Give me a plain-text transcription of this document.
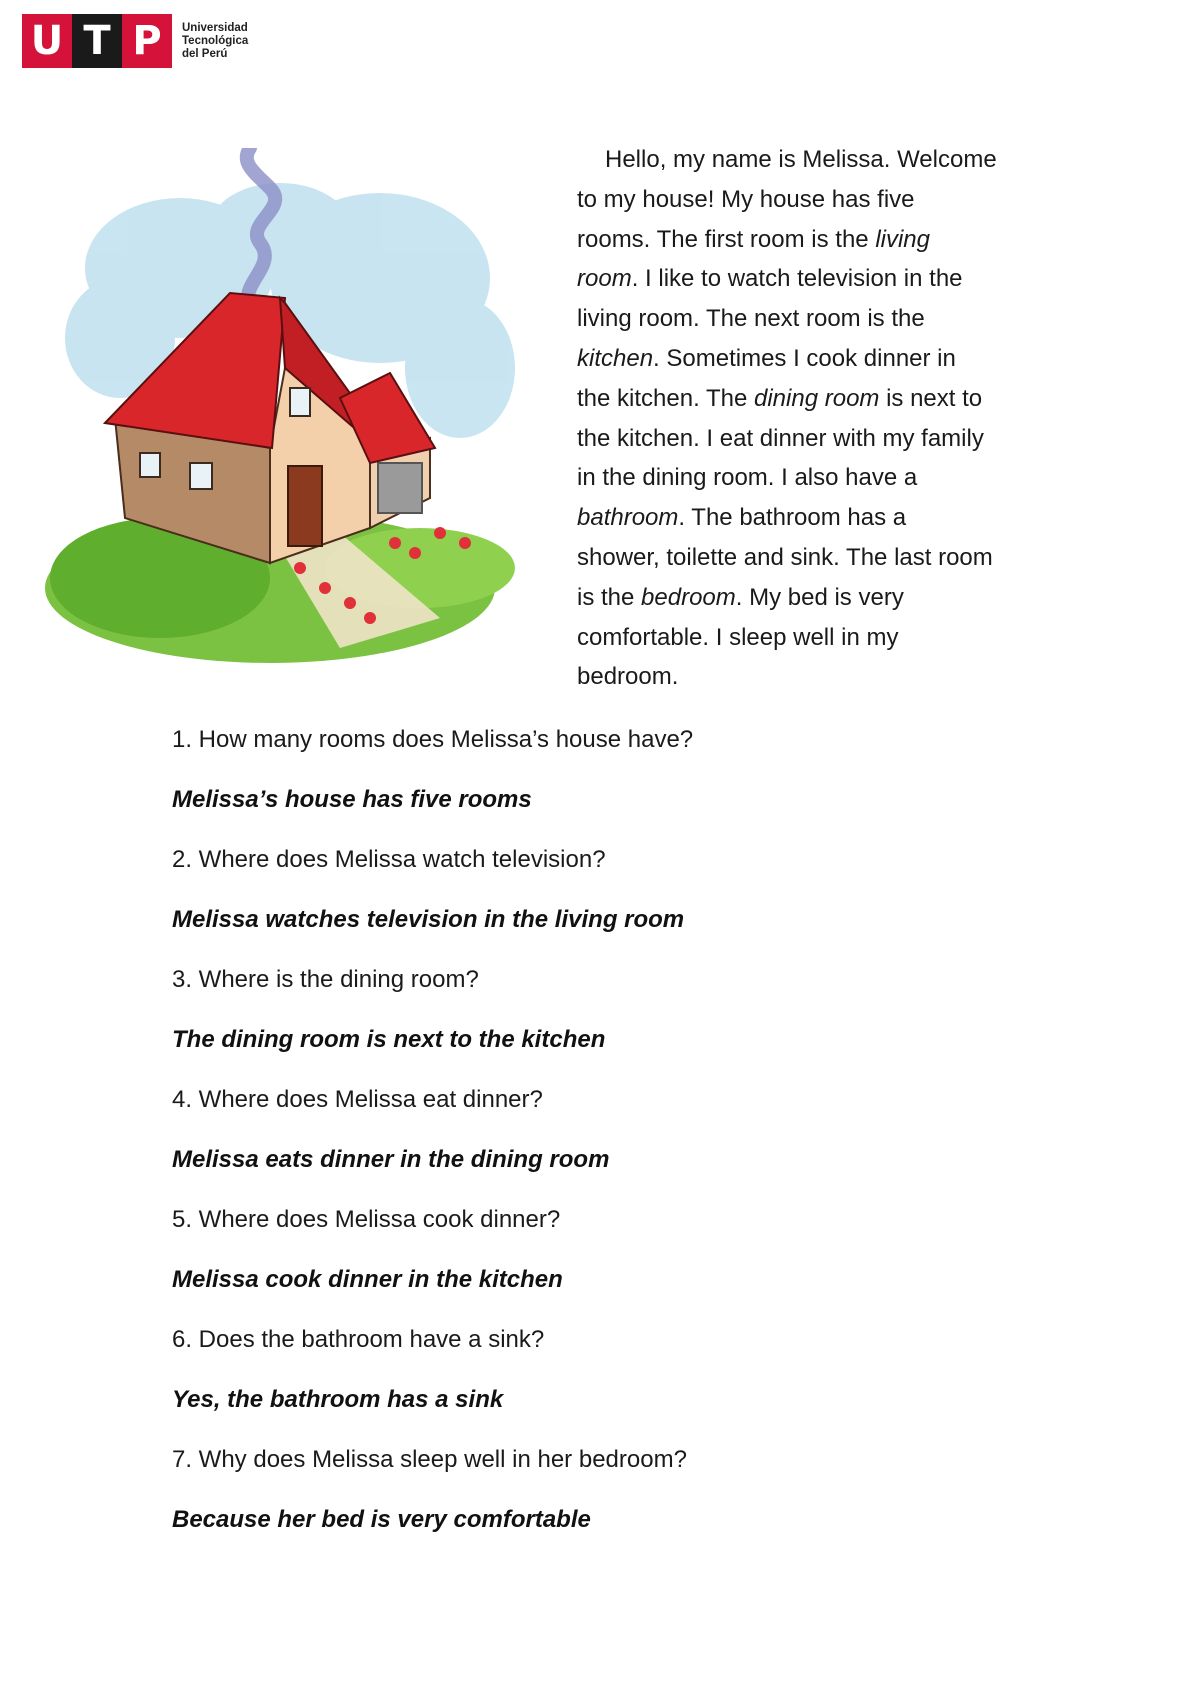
U T P	Universidad
Tecnológica
del Perú
Hello, my name is Melissa. Welcome
to my house! My house has five
rooms. The first room is the living
room. I like to watch television in the
living room. The next room is the
kitchen. Sometimes I cook dinner in
the kitchen. The dining room is next to
the kitchen. I eat dinner with my family
in the dining room. I also have a
bathroom. The bathroom has a
shower, toilette and sink. The last room
is the bedroom. My bed is very
comfortable. I sleep well in my
bedroom.
1. How many rooms does Melissa’s house have?
Melissa’s house has five rooms
2. Where does Melissa watch television?
Melissa watches television in the living room
3. Where is the dining room?
The dining room is next to the kitchen
4. Where does Melissa eat dinner?
Melissa eats dinner in the dining room
5. Where does Melissa cook dinner?
Melissa cook dinner in the kitchen
6. Does the bathroom have a sink?
Yes, the bathroom has a sink
7. Why does Melissa sleep well in her bedroom?
Because her bed is very comfortable
